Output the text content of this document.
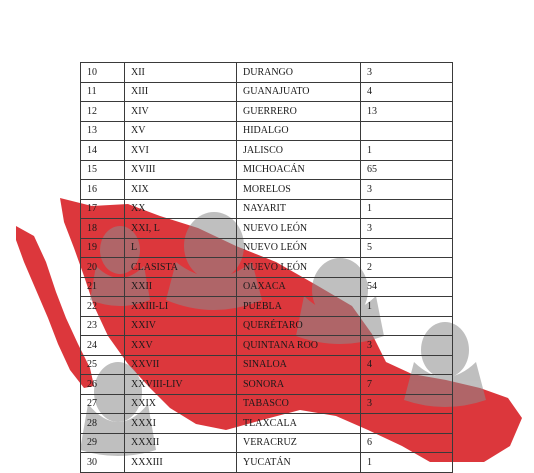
10	XII	DURANGO	3
11	XIII	GUANAJUATO	4
12	XIV	GUERRERO	13
13	XV	HIDALGO	
14	XVI	JALISCO	1
15	XVIII	MICHOACÁN	65
16	XIX	MORELOS	3
17	XX	NAYARIT	1
18	XXI, L	NUEVO LEÓN	3
19	L	NUEVO LEÓN	5
20	CLASISTA	NUEVO LEÓN	2
21	XXII	OAXACA	54
22	XXIII-LI	PUEBLA	1
23	XXIV	QUERÉTARO	
24	XXV	QUINTANA ROO	3
25	XXVII	SINALOA	4
26	XXVIII-LIV	SONORA	7
27	XXIX	TABASCO	3
28	XXXI	TLAXCALA	
29	XXXII	VERACRUZ	6
30	XXXIII	YUCATÁN	1
